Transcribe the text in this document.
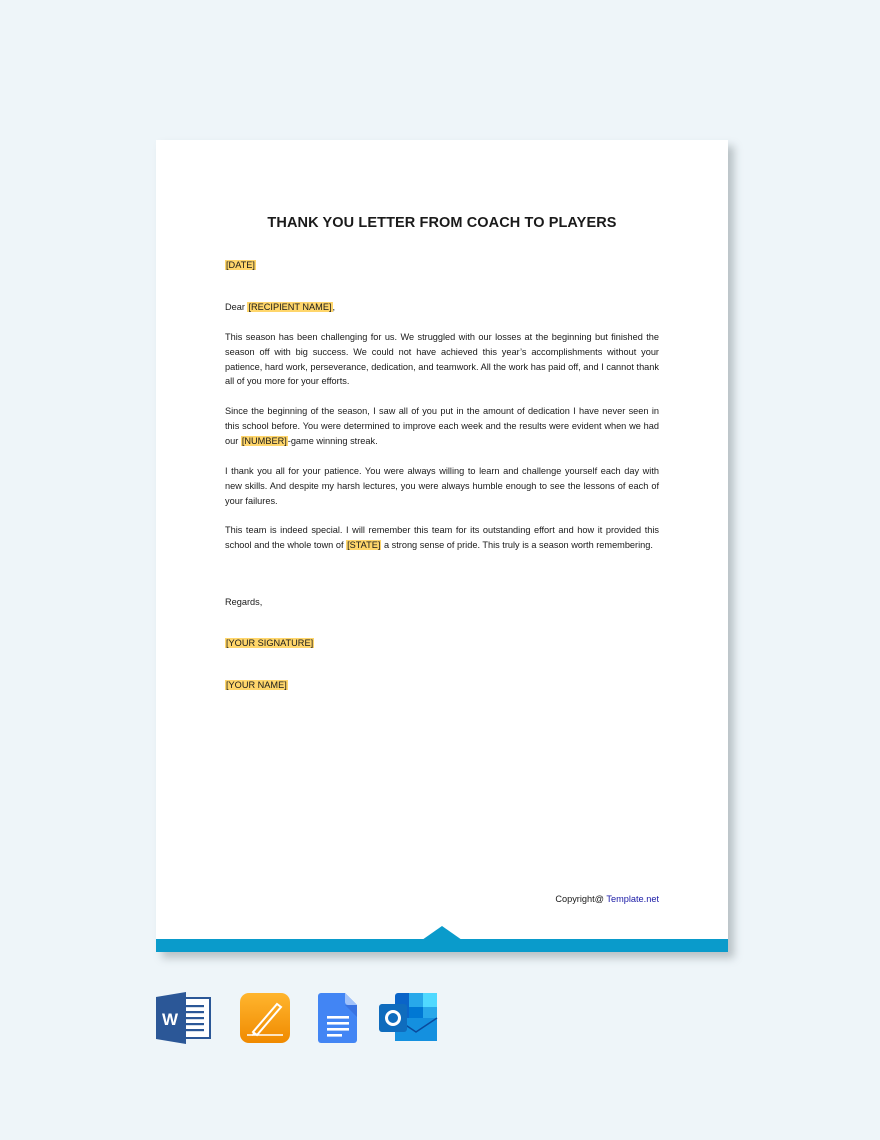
THANK YOU LETTER FROM COACH TO PLAYERS
[DATE]
Dear [RECIPIENT NAME],
This season has been challenging for us. We struggled with our losses at the beginning but finished the season off with big success. We could not have achieved this year’s accomplishments without your patience, hard work, perseverance, dedication, and teamwork. All the work has paid off, and I cannot thank all of you more for your efforts.
Since the beginning of the season, I saw all of you put in the amount of dedication I have never seen in this school before. You were determined to improve each week and the results were evident when we had our [NUMBER]-game winning streak.
I thank you all for your patience. You were always willing to learn and challenge yourself each day with new skills. And despite my harsh lectures, you were always humble enough to see the lessons of each of your failures.
This team is indeed special. I will remember this team for its outstanding effort and how it provided this school and the whole town of [STATE] a strong sense of pride. This truly is a season worth remembering.
Regards,
[YOUR SIGNATURE]
[YOUR NAME]
Copyright@ Template.net
W
